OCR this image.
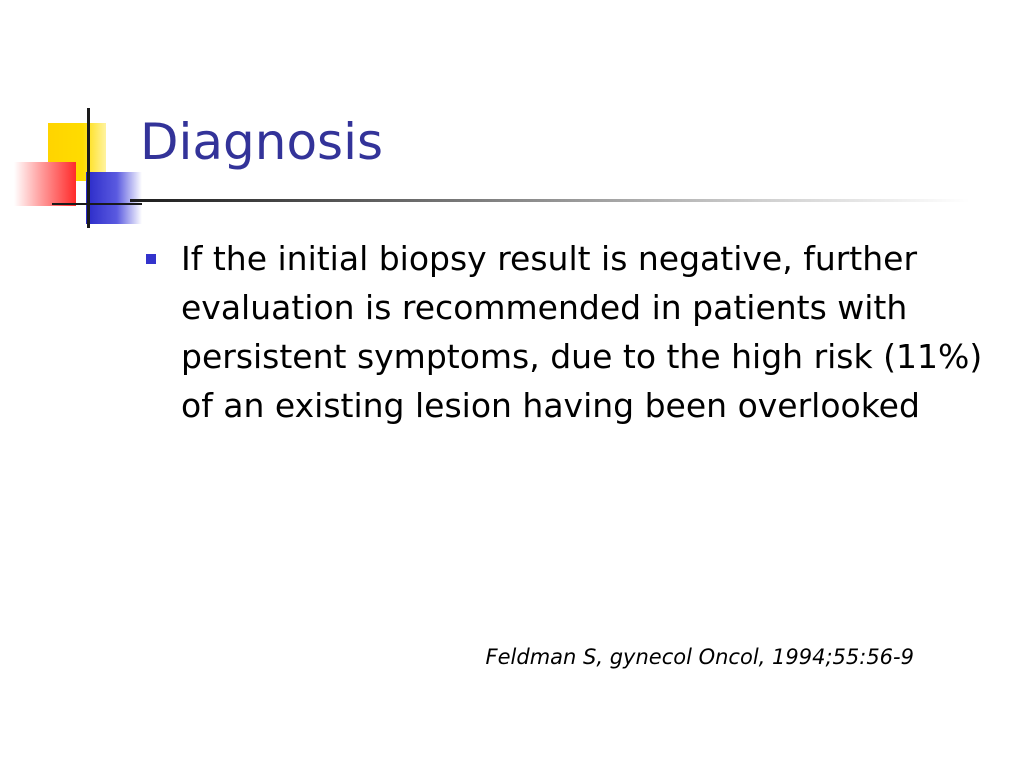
Diagnosis
If the initial biopsy result is negative, further evaluation is recommended in patients with persistent symptoms, due to the high risk (11%) of an existing lesion having been overlooked
Feldman S, gynecol Oncol, 1994;55:56-9
